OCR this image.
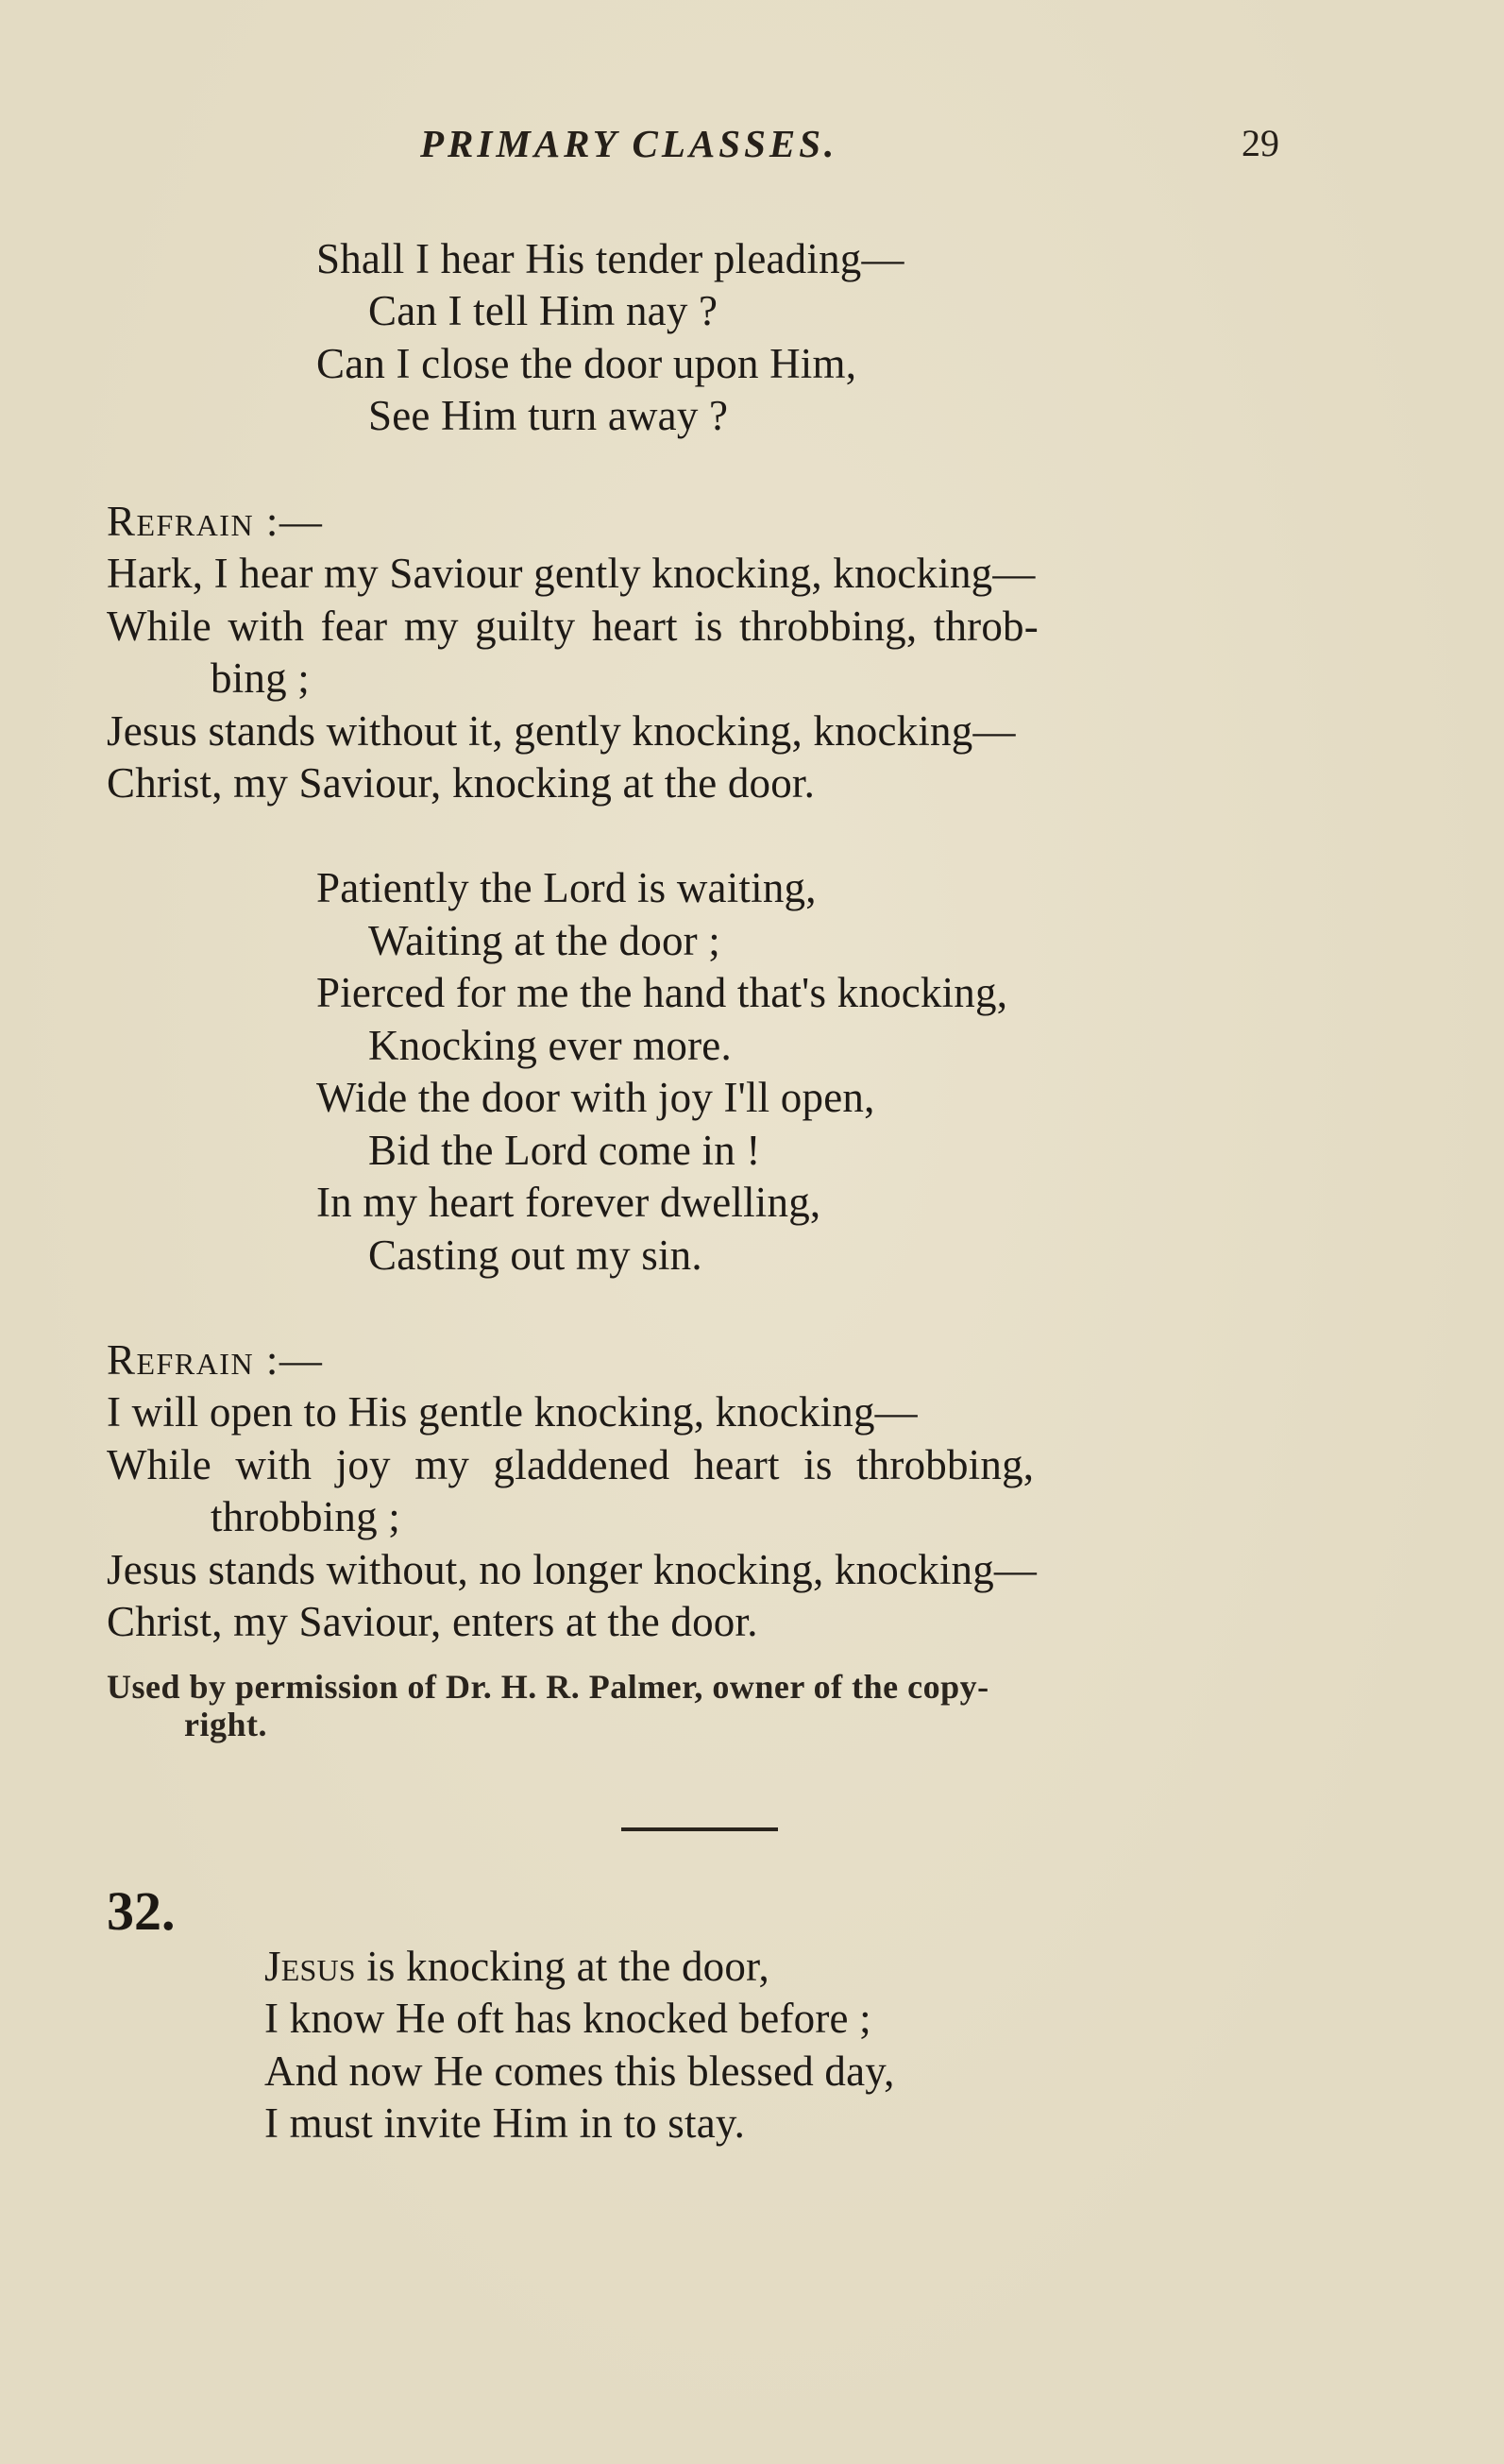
PRIMARY CLASSES.	29
Shall I hear His tender pleading—
Can I tell Him nay ?
Can I close the door upon Him,
See Him turn away ?
Refrain :—
Hark, I hear my Saviour gently knocking, knocking—
While with fear my guilty heart is throbbing, throb-
bing ;
Jesus stands without it, gently knocking, knocking—
Christ, my Saviour, knocking at the door.
Patiently the Lord is waiting,
Waiting at the door ;
Pierced for me the hand that's knocking,
Knocking ever more.
Wide the door with joy I'll open,
Bid the Lord come in !
In my heart forever dwelling,
Casting out my sin.
Refrain :—
I will open to His gentle knocking, knocking—
While with joy my gladdened heart is throbbing,
throbbing ;
Jesus stands without, no longer knocking, knocking—
Christ, my Saviour, enters at the door.
Used by permission of Dr. H. R. Palmer, owner of the copy-
right.
32.
Jesus is knocking at the door,
I know He oft has knocked before ;
And now He comes this blessed day,
I must invite Him in to stay.
